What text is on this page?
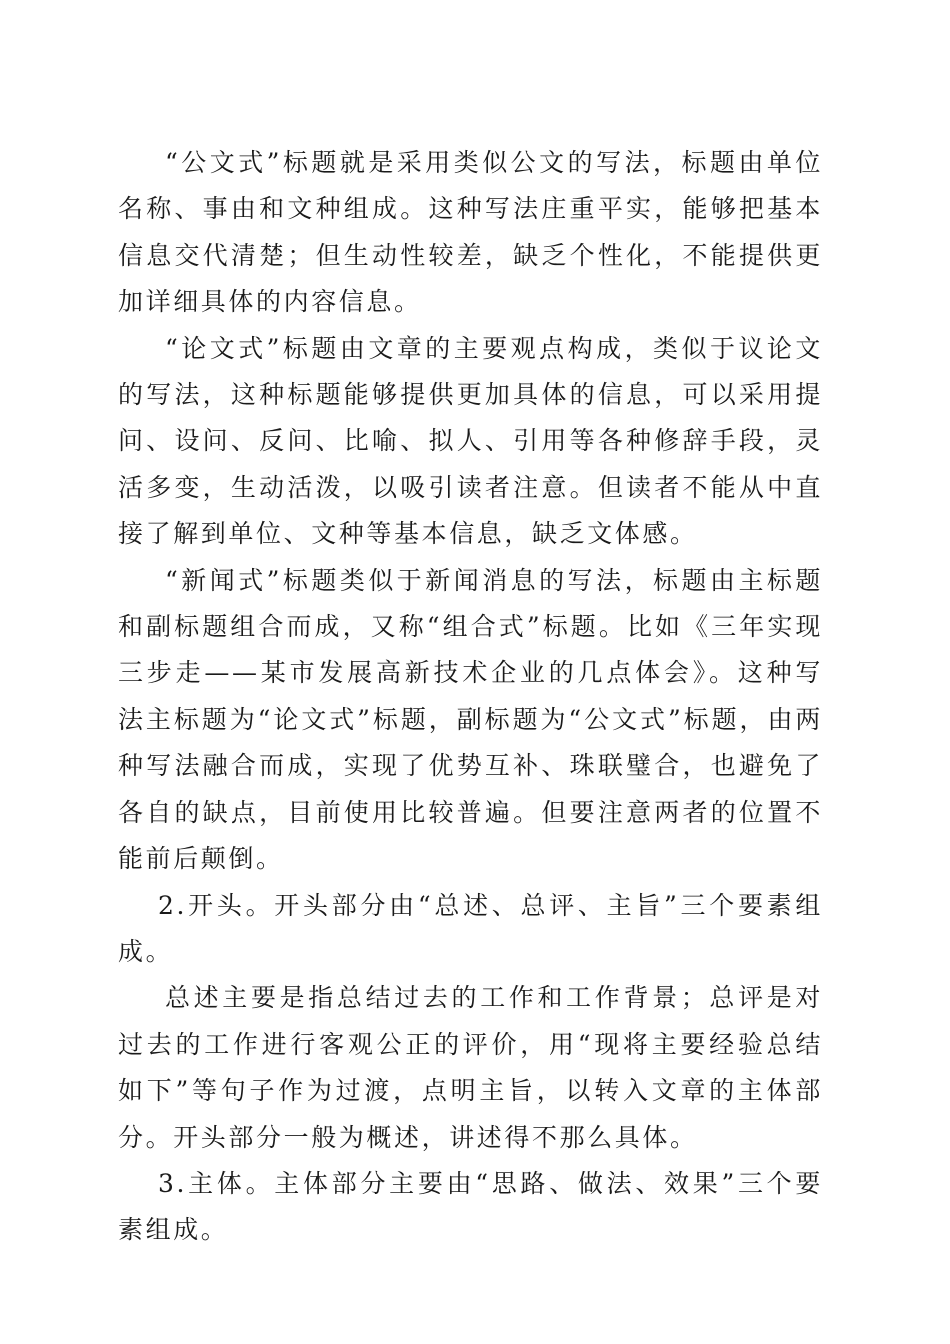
“公文式”标题就是采用类似公文的写法，标题由单位名称、事由和文种组成。这种写法庄重平实，能够把基本信息交代清楚；但生动性较差，缺乏个性化，不能提供更加详细具体的内容信息。

“论文式”标题由文章的主要观点构成，类似于议论文的写法，这种标题能够提供更加具体的信息，可以采用提问、设问、反问、比喻、拟人、引用等各种修辞手段，灵活多变，生动活泼，以吸引读者注意。但读者不能从中直接了解到单位、文种等基本信息，缺乏文体感。

“新闻式”标题类似于新闻消息的写法，标题由主标题和副标题组合而成，又称“组合式”标题。比如《三年实现三步走——某市发展高新技术企业的几点体会》。这种写法主标题为“论文式”标题，副标题为“公文式”标题，由两种写法融合而成，实现了优势互补、珠联璧合，也避免了各自的缺点，目前使用比较普遍。但要注意两者的位置不能前后颠倒。

2.开头。开头部分由“总述、总评、主旨”三个要素组成。

总述主要是指总结过去的工作和工作背景；总评是对过去的工作进行客观公正的评价，用“现将主要经验总结如下”等句子作为过渡，点明主旨，以转入文章的主体部分。开头部分一般为概述，讲述得不那么具体。

3.主体。主体部分主要由“思路、做法、效果”三个要素组成。
